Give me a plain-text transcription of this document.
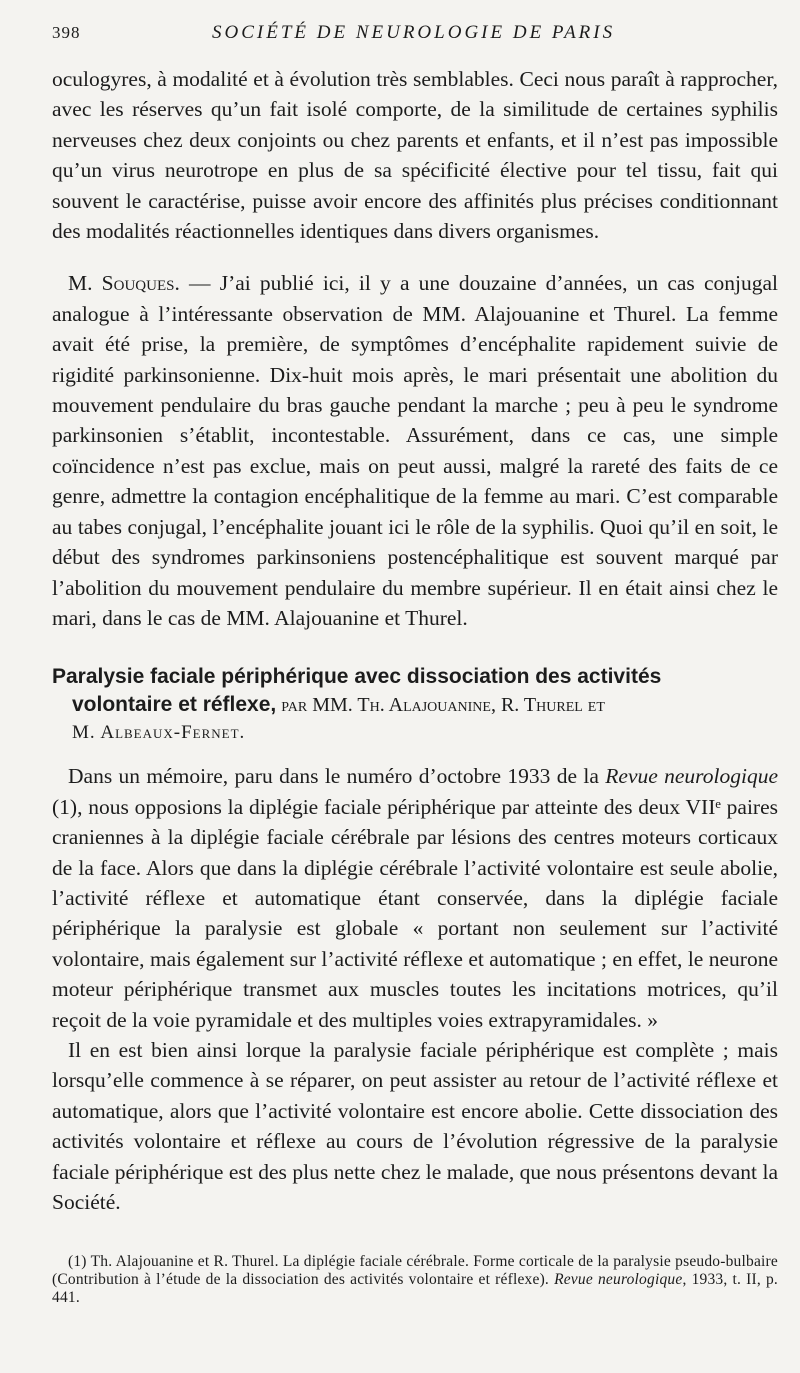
398	SOCIÉTÉ DE NEUROLOGIE DE PARIS

oculogyres, à modalité et à évolution très semblables. Ceci nous paraît à rapprocher, avec les réserves qu’un fait isolé comporte, de la similitude de certaines syphilis nerveuses chez deux conjoints ou chez parents et enfants, et il n’est pas impossible qu’un virus neurotrope en plus de sa spécificité élective pour tel tissu, fait qui souvent le caractérise, puisse avoir encore des affinités plus précises conditionnant des modalités réactionnelles identiques dans divers organismes.

M. Souques. — J’ai publié ici, il y a une douzaine d’années, un cas conjugal analogue à l’intéressante observation de MM. Alajouanine et Thurel. La femme avait été prise, la première, de symptômes d’encéphalite rapidement suivie de rigidité parkinsonienne. Dix-huit mois après, le mari présentait une abolition du mouvement pendulaire du bras gauche pendant la marche ; peu à peu le syndrome parkinsonien s’établit, incontestable. Assurément, dans ce cas, une simple coïncidence n’est pas exclue, mais on peut aussi, malgré la rareté des faits de ce genre, admettre la contagion encéphalitique de la femme au mari. C’est comparable au tabes conjugal, l’encéphalite jouant ici le rôle de la syphilis. Quoi qu’il en soit, le début des syndromes parkinsoniens postencéphalitique est souvent marqué par l’abolition du mouvement pendulaire du membre supérieur. Il en était ainsi chez le mari, dans le cas de MM. Alajouanine et Thurel.

Paralysie faciale périphérique avec dissociation des activités
volontaire et réflexe, par MM. Th. Alajouanine, R. Thurel et
M. Albeaux-Fernet.

Dans un mémoire, paru dans le numéro d’octobre 1933 de la Revue neurologique (1), nous opposions la diplégie faciale périphérique par atteinte des deux VIIᵉ paires craniennes à la diplégie faciale cérébrale par lésions des centres moteurs corticaux de la face. Alors que dans la diplégie cérébrale l’activité volontaire est seule abolie, l’activité réflexe et automatique étant conservée, dans la diplégie faciale périphérique la paralysie est globale « portant non seulement sur l’activité volontaire, mais également sur l’activité réflexe et automatique ; en effet, le neurone moteur périphérique transmet aux muscles toutes les incitations motrices, qu’il reçoit de la voie pyramidale et des multiples voies extrapyramidales. »

Il en est bien ainsi lorque la paralysie faciale périphérique est complète ; mais lorsqu’elle commence à se réparer, on peut assister au retour de l’activité réflexe et automatique, alors que l’activité volontaire est encore abolie. Cette dissociation des activités volontaire et réflexe au cours de l’évolution régressive de la paralysie faciale périphérique est des plus nette chez le malade, que nous présentons devant la Société.

(1) Th. Alajouanine et R. Thurel. La diplégie faciale cérébrale. Forme corticale de la paralysie pseudo-bulbaire (Contribution à l’étude de la dissociation des activités volontaire et réflexe). Revue neurologique, 1933, t. II, p. 441.
